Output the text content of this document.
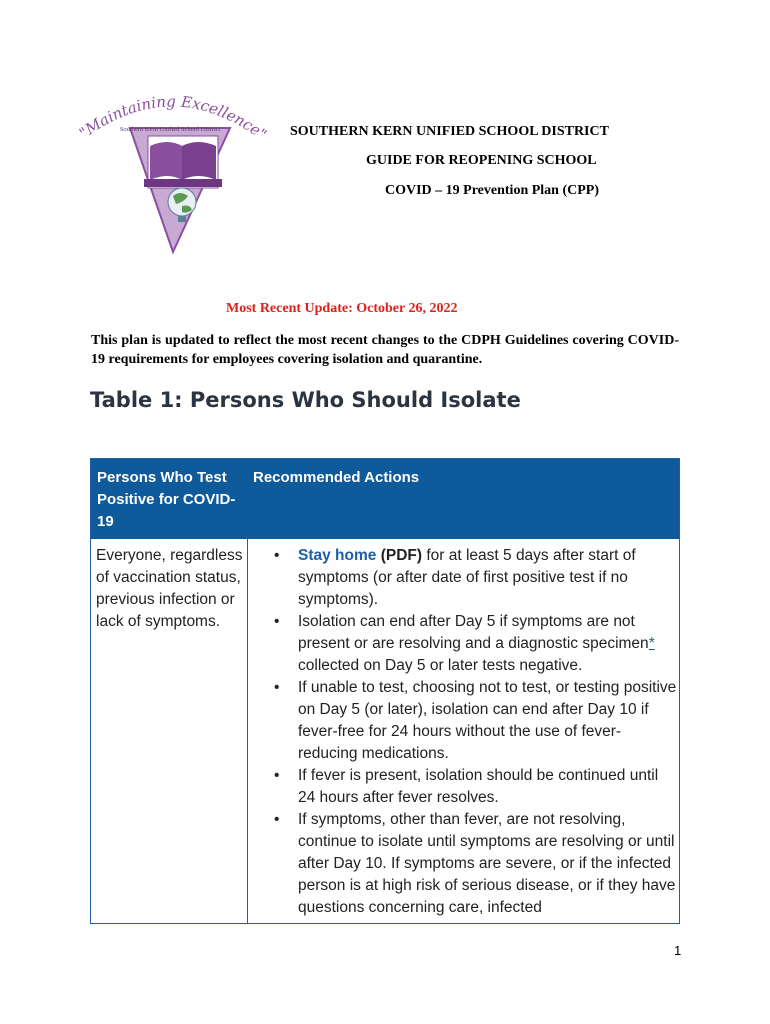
"Maintaining Excellence"
Southern Kern Unified School District	SOUTHERN KERN UNIFIED SCHOOL DISTRICT
GUIDE FOR REOPENING SCHOOL
COVID – 19 Prevention Plan (CPP)
Most Recent Update: October 26, 2022
This plan is updated to reflect the most recent changes to the CDPH Guidelines covering COVID-19 requirements for employees covering isolation and quarantine.
Table 1: Persons Who Should Isolate
Persons Who Test Positive for COVID-19
Recommended Actions
Everyone, regardless of vaccination status, previous infection or lack of symptoms.
• Stay home (PDF) for at least 5 days after start of symptoms (or after date of first positive test if no symptoms).
• Isolation can end after Day 5 if symptoms are not present or are resolving and a diagnostic specimen* collected on Day 5 or later tests negative.
• If unable to test, choosing not to test, or testing positive on Day 5 (or later), isolation can end after Day 10 if fever-free for 24 hours without the use of fever-reducing medications.
• If fever is present, isolation should be continued until 24 hours after fever resolves.
• If symptoms, other than fever, are not resolving, continue to isolate until symptoms are resolving or until after Day 10. If symptoms are severe, or if the infected person is at high risk of serious disease, or if they have questions concerning care, infected
1
